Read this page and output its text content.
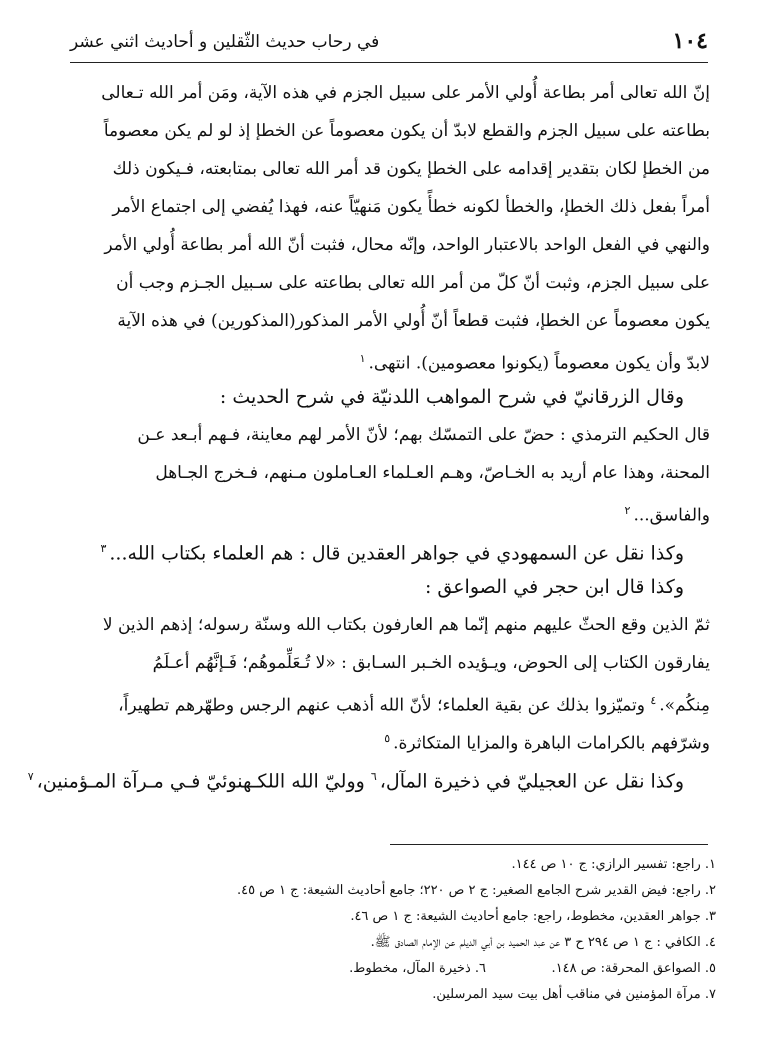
١٠٤
في رحاب حديث الثّقلين و أحاديث اثني عشر
إنّ الله تعالى أمر بطاعة أُولي الأمر على سبيل الجزم في هذه الآية، ومَن أمر الله تـعالى
بطاعته على سبيل الجزم والقطع لابدّ أن يكون معصوماً عن الخطإ إذ لو لم يكن معصوماً
من الخطإ لكان بتقدير إقدامه على الخطإ يكون قد أمر الله تعالى بمتابعته، فـيكون ذلك
أمراً بفعل ذلك الخطإ، والخطأ لكونه خطأً يكون مَنهيّاً عنه، فهذا يُفضي إلى اجتماع الأمر
والنهي في الفعل الواحد بالاعتبار الواحد، وإنّه محال، فثبت أنّ الله أمر بطاعة أُولي الأمر
على سبيل الجزم، وثبت أنّ كلّ من أمر الله تعالى بطاعته على سـبيل الجـزم وجب أن
يكون معصوماً عن الخطإ، فثبت قطعاً أنّ أُولي الأمر المذكور(المذكورين) في هذه الآية
لابدّ وأن يكون معصوماً (يكونوا معصومين). انتهى.$^١$
وقال الزرقانيّ في شرح المواهب اللدنيّة في شرح الحديث :
قال الحكيم الترمذي : حضّ على التمسّك بهم؛ لأنّ الأمر لهم معاينة، فـهم أبـعد عـن
المحنة، وهذا عام أريد به الخـاصّ، وهـم العـلماء العـاملون مـنهم، فـخرج الجـاهل
والفاسق...$^٢$
وكذا نقل عن السمهودي في جواهر العقدين قال : هم العلماء بكتاب الله...$^٣$
وكذا قال ابن حجر في الصواعق :
ثمّ الذين وقع الحثّ عليهم منهم إنّما هم العارفون بكتاب الله وسنّة رسوله؛ إذهم الذين لا
يفارقون الكتاب إلى الحوض، ويـؤيده الخـبر السـابق : «لا تُـعَلِّموهُم؛ فَـإنَّهُم أعـلَمُ
مِنكُم».$^٤$ وتميّزوا بذلك عن بقية العلماء؛ لأنّ الله أذهب عنهم الرجس وطهّرهم تطهيراً،
وشرّفهم بالكرامات الباهرة والمزايا المتكاثرة.$^٥$
وكذا نقل عن العجيليّ في ذخيرة المآل،$^٦$ ووليّ الله اللكـهنوئيّ فـي مـرآة المـؤمنين،$^٧$
١. راجع: تفسير الرازي: ج ١٠ ص ١٤٤.
٢. راجع: فيض القدير شرح الجامع الصغير: ج ٢ ص ٢٢٠؛ جامع أحاديث الشيعة: ج ١ ص ٤٥.
٣. جواهر العقدين، مخطوط، راجع: جامع أحاديث الشيعة: ج ١ ص ٤٦.
٤. الكافي : ج ١ ص ٢٩٤ ح ٣ عن عبد الحميد بن أبي الديلم عن الإمام الصادق ﷺ.
٥. الصواعق المحرقة: ص ١٤٨.
٦. ذخيرة المآل، مخطوط.
٧. مرآة المؤمنين في مناقب أهل بيت سيد المرسلين.
